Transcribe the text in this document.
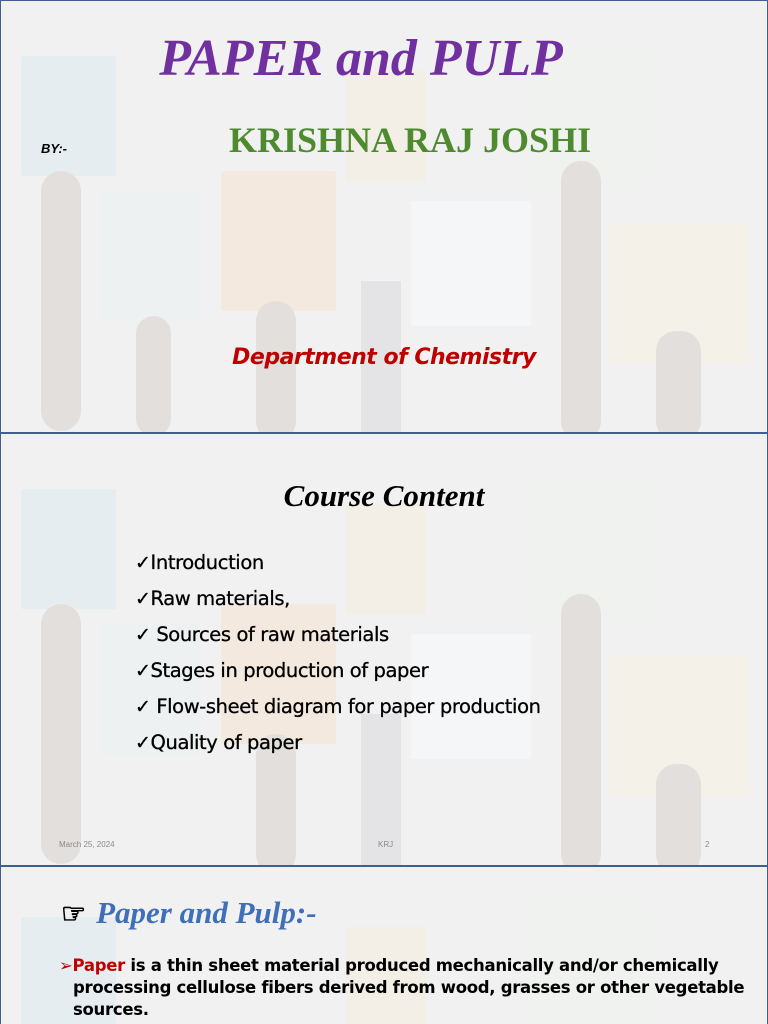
PAPER and PULP
BY:-	KRISHNA RAJ JOSHI
Department of Chemistry
Course Content
✓Introduction
✓Raw materials,
✓ Sources of raw materials
✓Stages in production of paper
✓ Flow-sheet diagram for paper production
✓Quality of paper
March 25, 2024	KRJ	2
☞ Paper and Pulp:-
➢Paper is a thin sheet material produced mechanically and/or chemically
processing cellulose fibers derived from wood, grasses or other vegetable
sources.
